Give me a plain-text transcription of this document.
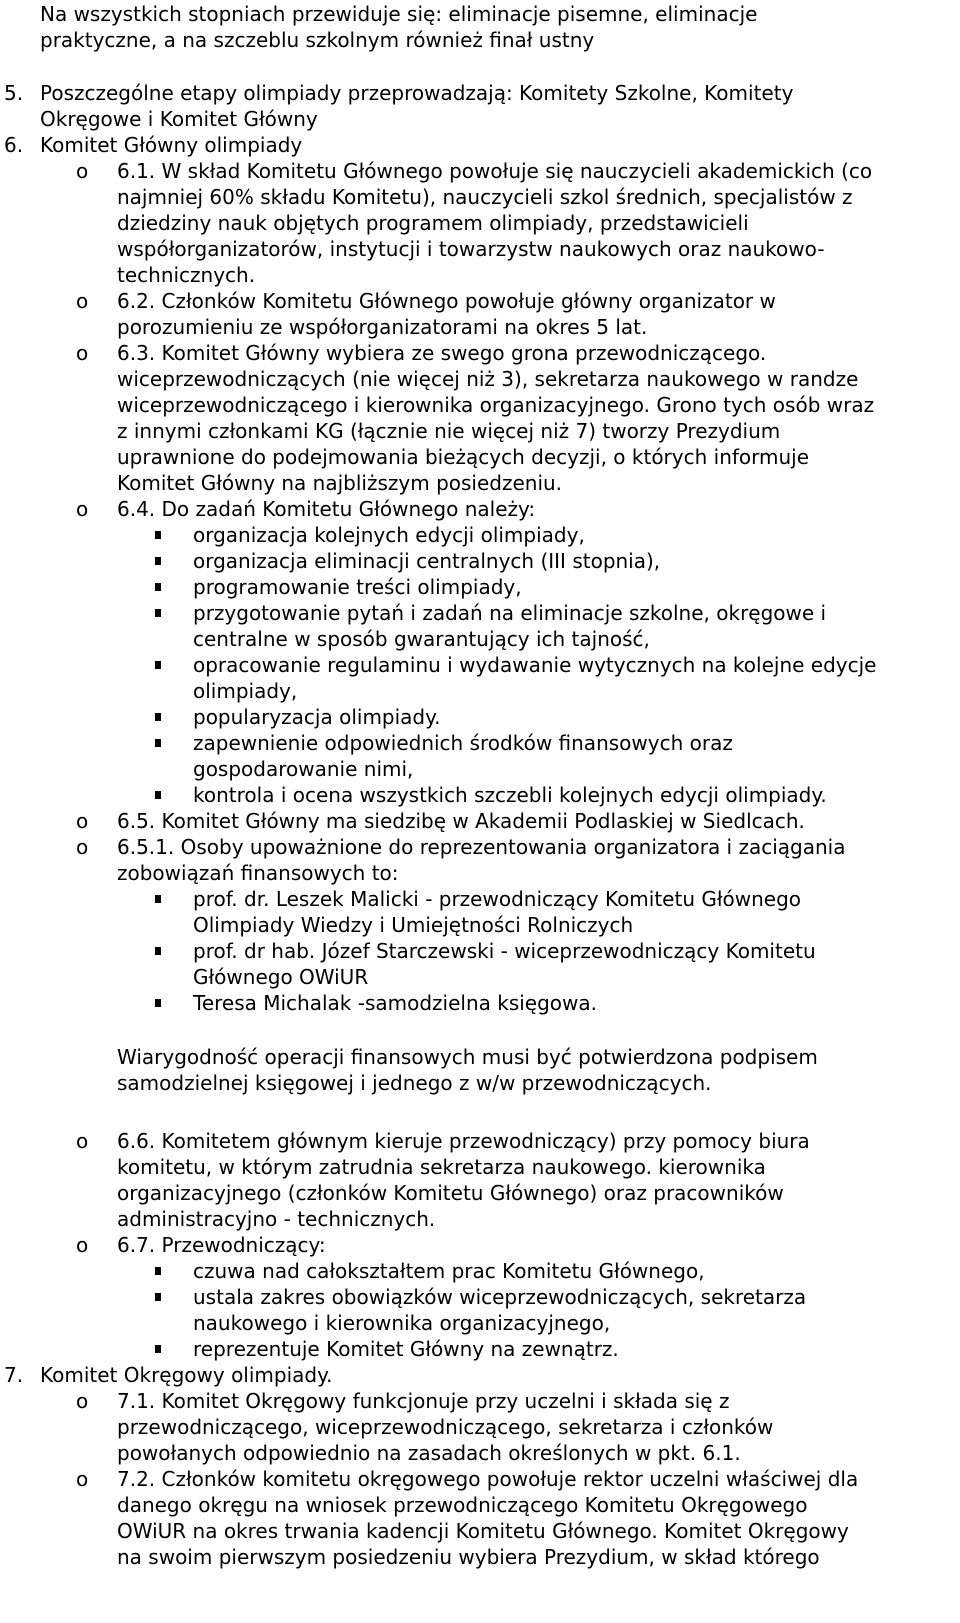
Na wszystkich stopniach przewiduje się: eliminacje pisemne, eliminacje
praktyczne, a na szczeblu szkolnym również finał ustny
5. Poszczególne etapy olimpiady przeprowadzają: Komitety Szkolne, Komitety
Okręgowe i Komitet Główny
6. Komitet Główny olimpiady
o 6.1. W skład Komitetu Głównego powołuje się nauczycieli akademickich (co
najmniej 60% składu Komitetu), nauczycieli szkol średnich, specjalistów z
dziedziny nauk objętych programem olimpiady, przedstawicieli
współorganizatorów, instytucji i towarzystw naukowych oraz naukowo-
technicznych.
o 6.2. Członków Komitetu Głównego powołuje główny organizator w
porozumieniu ze współorganizatorami na okres 5 lat.
o 6.3. Komitet Główny wybiera ze swego grona przewodniczącego.
wiceprzewodniczących (nie więcej niż 3), sekretarza naukowego w randze
wiceprzewodniczącego i kierownika organizacyjnego. Grono tych osób wraz
z innymi członkami KG (łącznie nie więcej niż 7) tworzy Prezydium
uprawnione do podejmowania bieżących decyzji, o których informuje
Komitet Główny na najbliższym posiedzeniu.
o 6.4. Do zadań Komitetu Głównego należy:
organizacja kolejnych edycji olimpiady,
organizacja eliminacji centralnych (III stopnia),
programowanie treści olimpiady,
przygotowanie pytań i zadań na eliminacje szkolne, okręgowe i
centralne w sposób gwarantujący ich tajność,
opracowanie regulaminu i wydawanie wytycznych na kolejne edycje
olimpiady,
popularyzacja olimpiady.
zapewnienie odpowiednich środków finansowych oraz
gospodarowanie nimi,
kontrola i ocena wszystkich szczebli kolejnych edycji olimpiady.
o 6.5. Komitet Główny ma siedzibę w Akademii Podlaskiej w Siedlcach.
o 6.5.1. Osoby upoważnione do reprezentowania organizatora i zaciągania
zobowiązań finansowych to:
prof. dr. Leszek Malicki - przewodniczący Komitetu Głównego
Olimpiady Wiedzy i Umiejętności Rolniczych
prof. dr hab. Józef Starczewski - wiceprzewodniczący Komitetu
Głównego OWiUR
Teresa Michalak -samodzielna księgowa.
Wiarygodność operacji finansowych musi być potwierdzona podpisem
samodzielnej księgowej i jednego z w/w przewodniczących.
o 6.6. Komitetem głównym kieruje przewodniczący) przy pomocy biura
komitetu, w którym zatrudnia sekretarza naukowego. kierownika
organizacyjnego (członków Komitetu Głównego) oraz pracowników
administracyjno - technicznych.
o 6.7. Przewodniczący:
czuwa nad całokształtem prac Komitetu Głównego,
ustala zakres obowiązków wiceprzewodniczących, sekretarza
naukowego i kierownika organizacyjnego,
reprezentuje Komitet Główny na zewnątrz.
7. Komitet Okręgowy olimpiady.
o 7.1. Komitet Okręgowy funkcjonuje przy uczelni i składa się z
przewodniczącego, wiceprzewodniczącego, sekretarza i członków
powołanych odpowiednio na zasadach określonych w pkt. 6.1.
o 7.2. Członków komitetu okręgowego powołuje rektor uczelni właściwej dla
danego okręgu na wniosek przewodniczącego Komitetu Okręgowego
OWiUR na okres trwania kadencji Komitetu Głównego. Komitet Okręgowy
na swoim pierwszym posiedzeniu wybiera Prezydium, w skład którego
